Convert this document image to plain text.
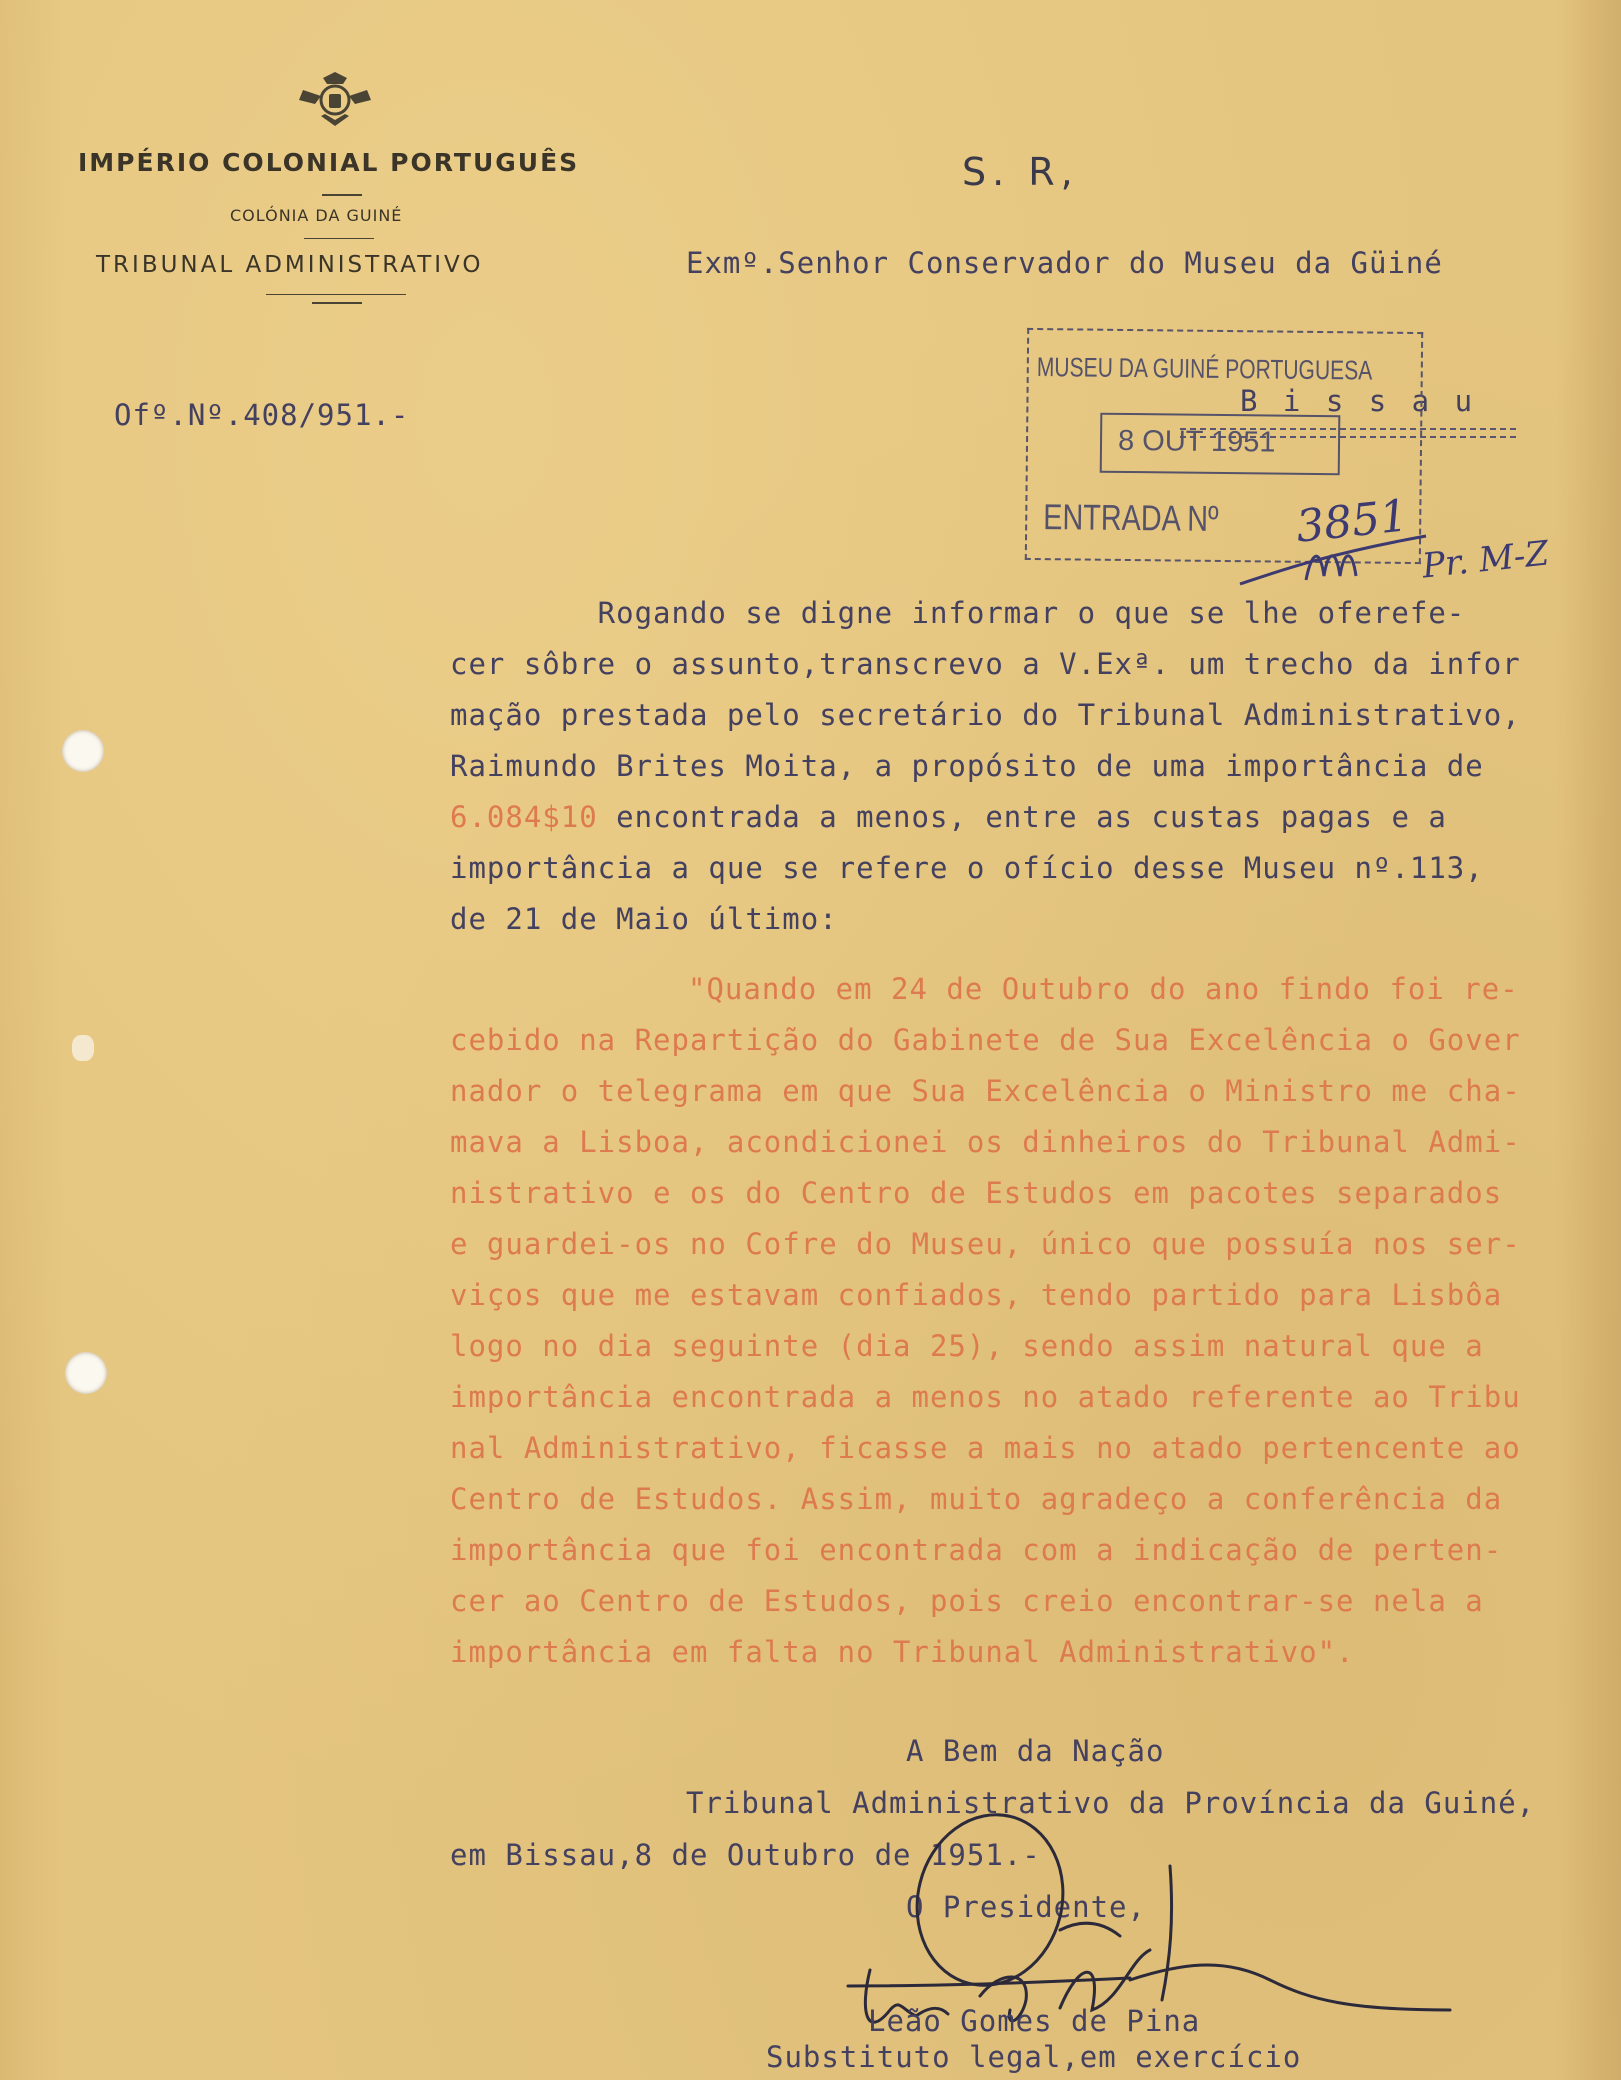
IMPÉRIO COLONIAL PORTUGUÊS
COLÓNIA DA GUINÉ
TRIBUNAL ADMINISTRATIVO
Ofº.Nº.408/951.-
S. R,
Exmº.Senhor Conservador do Museu da Güiné
B i s s a u
MUSEU DA GUINÉ PORTUGUESA
8 OUT 1951
ENTRADA Nº 3851
Pr. M-Z
Rogando se digne informar o que se lhe oferefe-
cer sôbre o assunto,transcrevo a V.Exª. um trecho da infor
mação prestada pelo secretário do Tribunal Administrativo,
Raimundo Brites Moita, a propósito de uma importância de
6.084$10 encontrada a menos, entre as custas pagas e a
importância a que se refere o ofício desse Museu nº.113,
de 21 de Maio último:
"Quando em 24 de Outubro do ano findo foi re-
cebido na Repartição do Gabinete de Sua Excelência o Gover
nador o telegrama em que Sua Excelência o Ministro me cha-
mava a Lisboa, acondicionei os dinheiros do Tribunal Admi-
nistrativo e os do Centro de Estudos em pacotes separados
e guardei-os no Cofre do Museu, único que possuía nos ser-
viços que me estavam confiados, tendo partido para Lisbôa
logo no dia seguinte (dia 25), sendo assim natural que a
importância encontrada a menos no atado referente ao Tribu
nal Administrativo, ficasse a mais no atado pertencente ao
Centro de Estudos. Assim, muito agradeço a conferência da
importância que foi encontrada com a indicação de perten-
cer ao Centro de Estudos, pois creio encontrar-se nela a
importância em falta no Tribunal Administrativo".
A Bem da Nação
Tribunal Administrativo da Província da Guiné,
em Bissau,8 de Outubro de 1951.-
O Presidente,
Leão Gomes de Pina
Substituto legal,em exercício
